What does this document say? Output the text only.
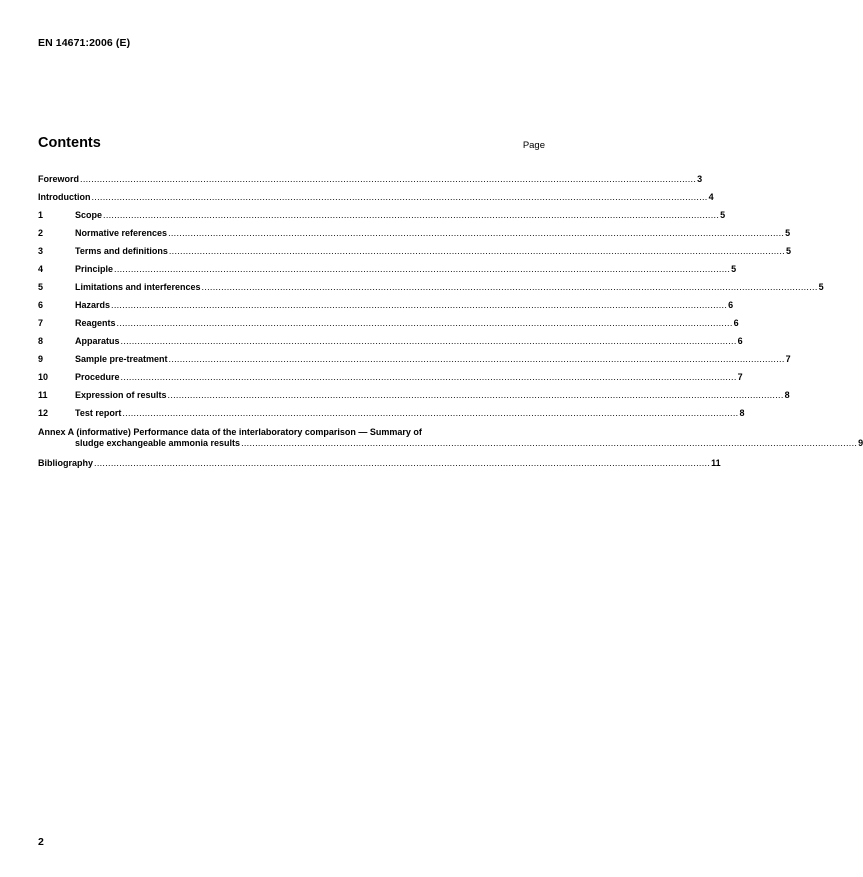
EN 14671:2006 (E)
Contents	Page
Foreword ............................................................................................................................................................................................................................ 3
Introduction ............................................................................................................................................................................................................................ 4
1	Scope ............................................................................................................................................................................................................................ 5
2	Normative references ............................................................................................................................................................................................................................ 5
3	Terms and definitions ............................................................................................................................................................................................................................ 5
4	Principle ............................................................................................................................................................................................................................ 5
5	Limitations and interferences ............................................................................................................................................................................................................................ 5
6	Hazards ............................................................................................................................................................................................................................ 6
7	Reagents ............................................................................................................................................................................................................................ 6
8	Apparatus ............................................................................................................................................................................................................................ 6
9	Sample pre-treatment ............................................................................................................................................................................................................................ 7
10	Procedure ............................................................................................................................................................................................................................ 7
11	Expression of results ............................................................................................................................................................................................................................ 8
12	Test report ............................................................................................................................................................................................................................ 8
Annex A (informative) Performance data of the interlaboratory comparison — Summary of
sludge exchangeable ammonia results ............................................................................................................................................................................................................................ 9
Bibliography ............................................................................................................................................................................................................................ 11
2
